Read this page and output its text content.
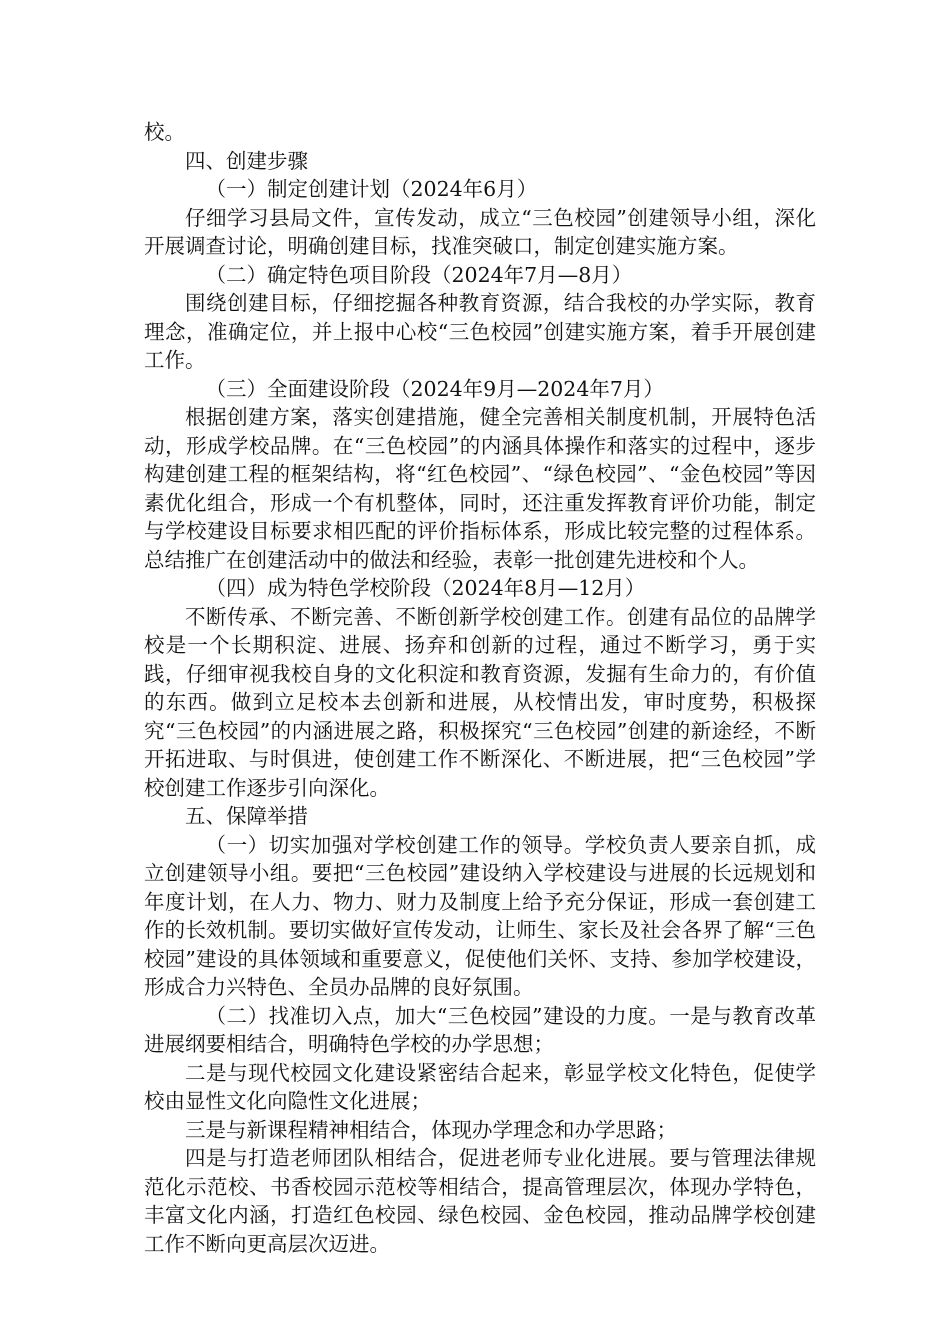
校。

四、创建步骤

（一）制定创建计划（2024年6月）

仔细学习县局文件，宣传发动，成立“三色校园”创建领导小组，深化开展调查讨论，明确创建目标，找准突破口，制定创建实施方案。

（二）确定特色项目阶段（2024年7月—8月）

围绕创建目标，仔细挖掘各种教育资源，结合我校的办学实际，教育理念，准确定位，并上报中心校“三色校园”创建实施方案，着手开展创建工作。

（三）全面建设阶段（2024年9月—2024年7月）

根据创建方案，落实创建措施，健全完善相关制度机制，开展特色活动，形成学校品牌。在“三色校园”的内涵具体操作和落实的过程中，逐步构建创建工程的框架结构，将“红色校园”、“绿色校园”、“金色校园”等因素优化组合，形成一个有机整体，同时，还注重发挥教育评价功能，制定与学校建设目标要求相匹配的评价指标体系，形成比较完整的过程体系。总结推广在创建活动中的做法和经验，表彰一批创建先进校和个人。

（四）成为特色学校阶段（2024年8月—12月）

不断传承、不断完善、不断创新学校创建工作。创建有品位的品牌学校是一个长期积淀、进展、扬弃和创新的过程，通过不断学习，勇于实践，仔细审视我校自身的文化积淀和教育资源，发掘有生命力的，有价值的东西。做到立足校本去创新和进展，从校情出发，审时度势，积极探究“三色校园”的内涵进展之路，积极探究“三色校园”创建的新途经，不断开拓进取、与时俱进，使创建工作不断深化、不断进展，把“三色校园”学校创建工作逐步引向深化。

五、保障举措

（一）切实加强对学校创建工作的领导。学校负责人要亲自抓，成立创建领导小组。要把“三色校园”建设纳入学校建设与进展的长远规划和年度计划，在人力、物力、财力及制度上给予充分保证，形成一套创建工作的长效机制。要切实做好宣传发动，让师生、家长及社会各界了解“三色校园”建设的具体领域和重要意义，促使他们关怀、支持、参加学校建设，形成合力兴特色、全员办品牌的良好氛围。

（二）找准切入点，加大“三色校园”建设的力度。一是与教育改革进展纲要相结合，明确特色学校的办学思想；

二是与现代校园文化建设紧密结合起来，彰显学校文化特色，促使学校由显性文化向隐性文化进展；

三是与新课程精神相结合，体现办学理念和办学思路；

四是与打造老师团队相结合，促进老师专业化进展。要与管理法律规范化示范校、书香校园示范校等相结合，提高管理层次，体现办学特色，丰富文化内涵，打造红色校园、绿色校园、金色校园，推动品牌学校创建工作不断向更高层次迈进。
